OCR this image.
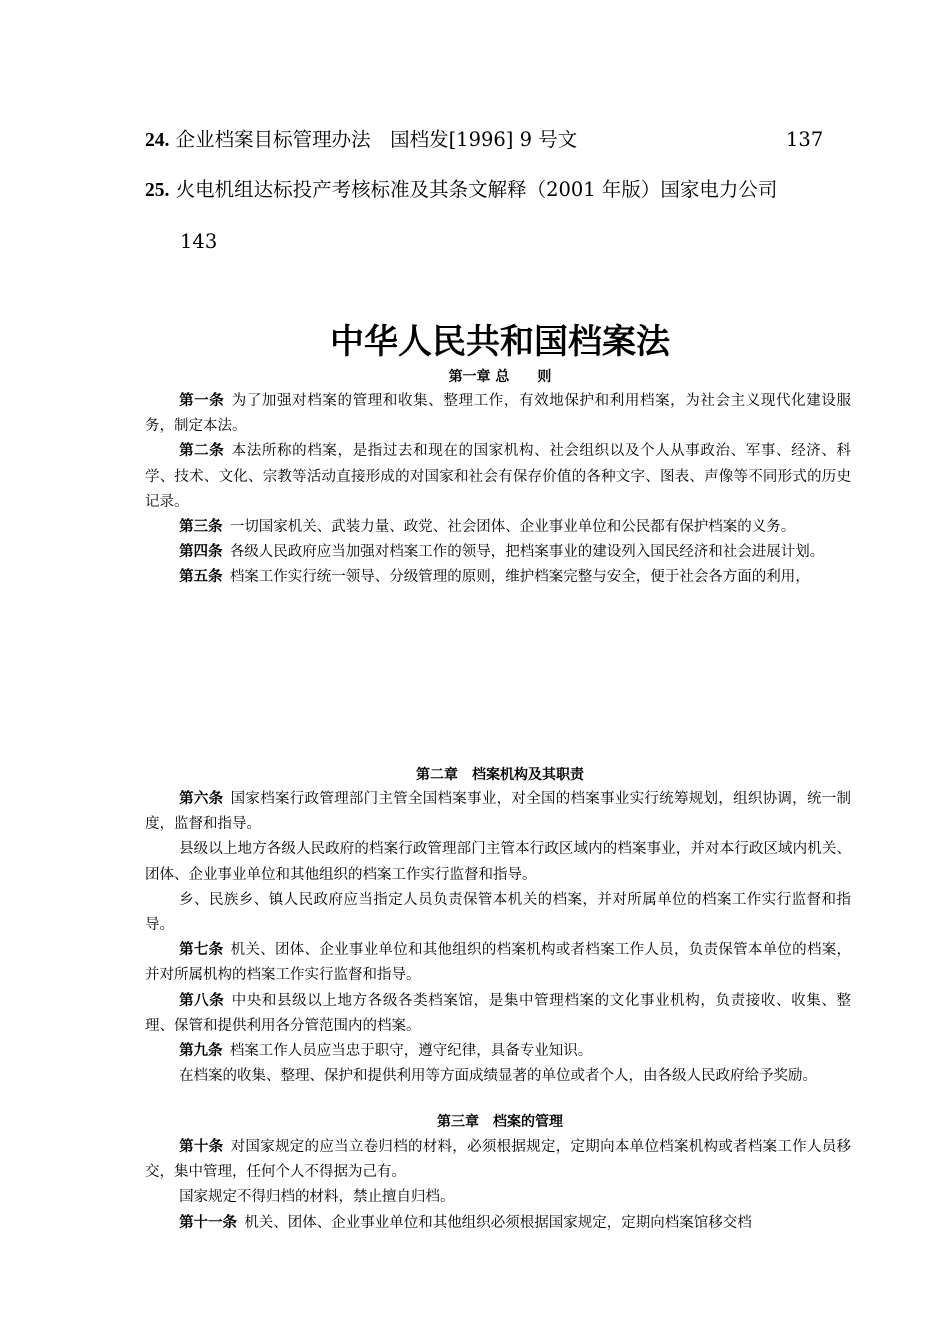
24. 企业档案目标管理办法　国档发[1996] 9 号文	137
25. 火电机组达标投产考核标准及其条文解释（2001 年版）国家电力公司
143
中华人民共和国档案法
第一章 总　　则

第一条 为了加强对档案的管理和收集、整理工作，有效地保护和利用档案，为社会主义现代化建设服务，制定本法。

第二条 本法所称的档案，是指过去和现在的国家机构、社会组织以及个人从事政治、军事、经济、科学、技术、文化、宗教等活动直接形成的对国家和社会有保存价值的各种文字、图表、声像等不同形式的历史记录。

第三条 一切国家机关、武装力量、政党、社会团体、企业事业单位和公民都有保护档案的义务。

第四条 各级人民政府应当加强对档案工作的领导，把档案事业的建设列入国民经济和社会进展计划。

第五条 档案工作实行统一领导、分级管理的原则，维护档案完整与安全，便于社会各方面的利用，

第二章　档案机构及其职责

第六条 国家档案行政管理部门主管全国档案事业，对全国的档案事业实行统筹规划，组织协调，统一制度，监督和指导。

县级以上地方各级人民政府的档案行政管理部门主管本行政区域内的档案事业，并对本行政区域内机关、团体、企业事业单位和其他组织的档案工作实行监督和指导。

乡、民族乡、镇人民政府应当指定人员负责保管本机关的档案，并对所属单位的档案工作实行监督和指导。

第七条 机关、团体、企业事业单位和其他组织的档案机构或者档案工作人员，负责保管本单位的档案，并对所属机构的档案工作实行监督和指导。

第八条 中央和县级以上地方各级各类档案馆，是集中管理档案的文化事业机构，负责接收、收集、整理、保管和提供利用各分管范围内的档案。

第九条 档案工作人员应当忠于职守，遵守纪律，具备专业知识。

在档案的收集、整理、保护和提供利用等方面成绩显著的单位或者个人，由各级人民政府给予奖励。

第三章　档案的管理

第十条 对国家规定的应当立卷归档的材料，必须根据规定，定期向本单位档案机构或者档案工作人员移交，集中管理，任何个人不得据为己有。

国家规定不得归档的材料，禁止擅自归档。

第十一条 机关、团体、企业事业单位和其他组织必须根据国家规定，定期向档案馆移交档
